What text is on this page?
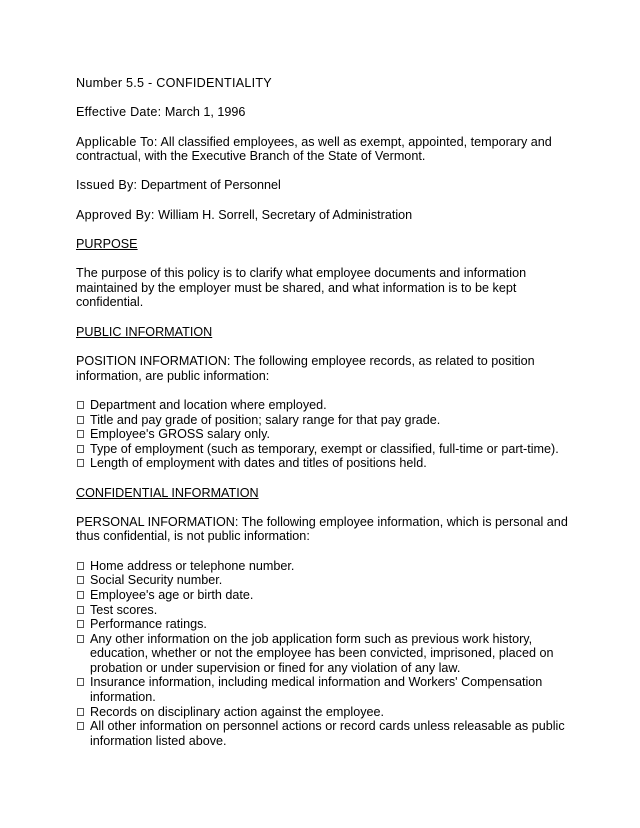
Number 5.5 - CONFIDENTIALITY

Effective Date: March 1, 1996

Applicable To: All classified employees, as well as exempt, appointed, temporary and contractual, with the Executive Branch of the State of Vermont.

Issued By: Department of Personnel

Approved By: William H. Sorrell, Secretary of Administration

PURPOSE

The purpose of this policy is to clarify what employee documents and information maintained by the employer must be shared, and what information is to be kept confidential.

PUBLIC INFORMATION

POSITION INFORMATION: The following employee records, as related to position information, are public information:

Department and location where employed.
Title and pay grade of position; salary range for that pay grade.
Employee's GROSS salary only.
Type of employment (such as temporary, exempt or classified, full-time or part-time).
Length of employment with dates and titles of positions held.

CONFIDENTIAL INFORMATION

PERSONAL INFORMATION: The following employee information, which is personal and thus confidential, is not public information:

Home address or telephone number.
Social Security number.
Employee's age or birth date.
Test scores.
Performance ratings.
Any other information on the job application form such as previous work history, education, whether or not the employee has been convicted, imprisoned, placed on probation or under supervision or fined for any violation of any law.
Insurance information, including medical information and Workers' Compensation information.
Records on disciplinary action against the employee.
All other information on personnel actions or record cards unless releasable as public information listed above.
